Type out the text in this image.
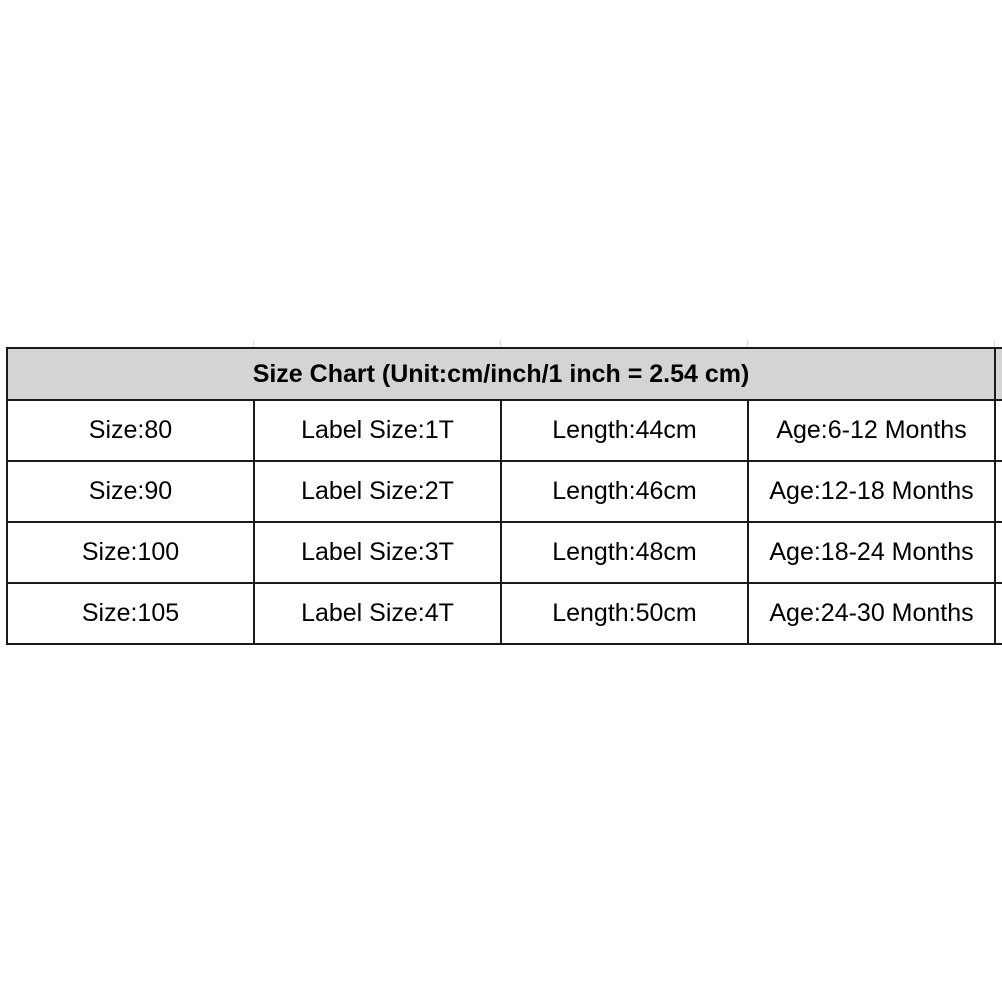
Size Chart (Unit:cm/inch/1 inch = 2.54 cm)				
Size:80	Label Size:1T	Length:44cm	Age:6-12 Months	
Size:90	Label Size:2T	Length:46cm	Age:12-18 Months	
Size:100	Label Size:3T	Length:48cm	Age:18-24 Months	
Size:105	Label Size:4T	Length:50cm	Age:24-30 Months	
